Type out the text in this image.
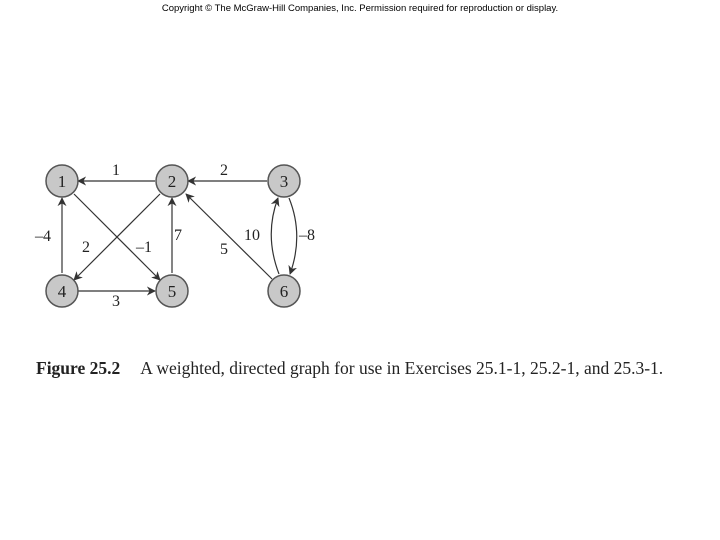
Copyright © The McGraw-Hill Companies, Inc. Permission required for reproduction or display.
1	2
–4
2	–1
7
5
10 –8
3
1	2	3
4	5	6
Figure 25.2 A weighted, directed graph for use in Exercises 25.1-1, 25.2-1, and 25.3-1.
